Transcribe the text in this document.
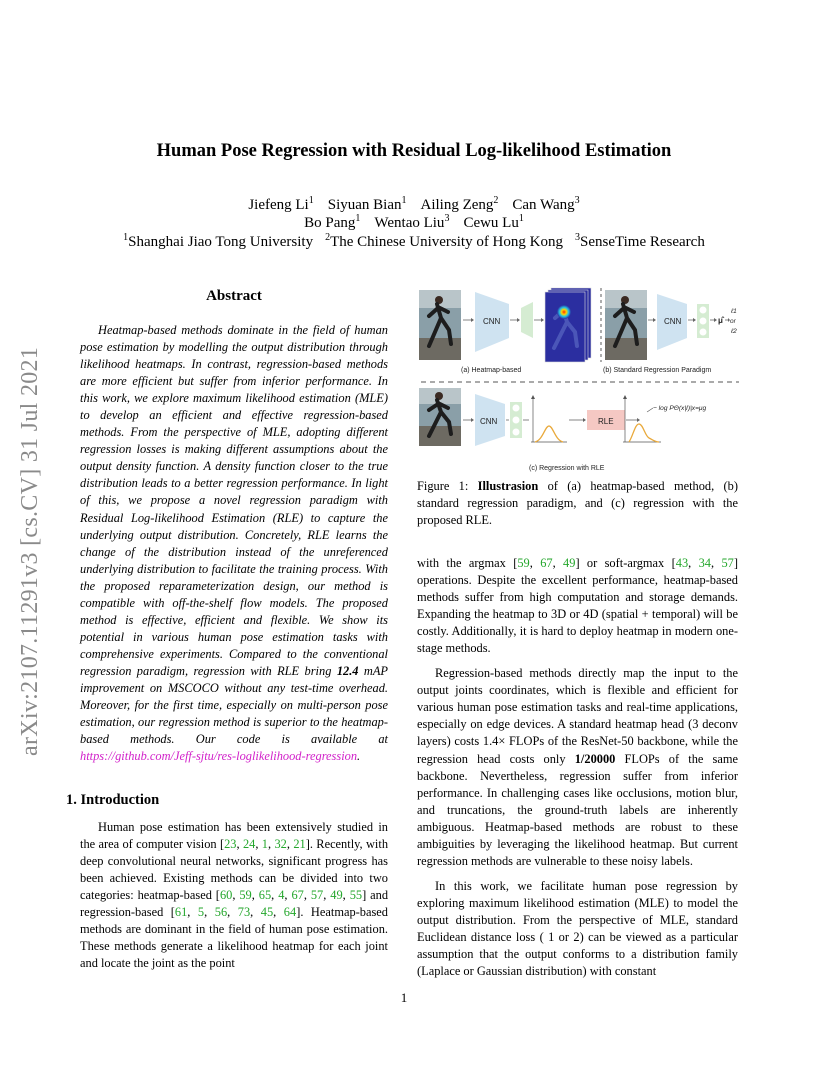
Human Pose Regression with Residual Log-likelihood Estimation
Jiefeng Li$^1$ Siyuan Bian$^1$ Ailing Zeng$^2$ Can Wang$^3$
Bo Pang$^1$ Wentao Liu$^3$ Cewu Lu$^1$
$^1$Shanghai Jiao Tong University $^2$The Chinese University of Hong Kong $^3$SenseTime Research
arXiv:2107.11291v3 [cs.CV] 31 Jul 2021
Abstract

Heatmap-based methods dominate in the field of human pose estimation by modelling the output distribution through likelihood heatmaps. In contrast, regression-based methods are more efficient but suffer from inferior performance. In this work, we explore maximum likelihood estimation (MLE) to develop an efficient and effective regression-based methods. From the perspective of MLE, adopting different regression losses is making different assumptions about the output density function. A density function closer to the true distribution leads to a better regression performance. In light of this, we propose a novel regression paradigm with Residual Log-likelihood Estimation (RLE) to capture the underlying output distribution. Concretely, RLE learns the change of the distribution instead of the unreferenced underlying distribution to facilitate the training process. With the proposed reparameterization design, our method is compatible with off-the-shelf flow models. The proposed method is effective, efficient and flexible. We show its potential in various human pose estimation tasks with comprehensive experiments. Compared to the conventional regression paradigm, regression with RLE bring 12.4 mAP improvement on MSCOCO without any test-time overhead. Moreover, for the first time, especially on multi-person pose estimation, our regression method is superior to the heatmap-based methods. Our code is available at https://github.com/Jeff-sjtu/res-loglikelihood-regression.

1. Introduction

Human pose estimation has been extensively studied in the area of computer vision [23, 24, 1, 32, 21]. Recently, with deep convolutional neural networks, significant progress has been achieved. Existing methods can be divided into two categories: heatmap-based [60, 59, 65, 4, 67, 57, 49, 55] and regression-based [61, 5, 56, 73, 45, 64]. Heatmap-based methods are dominant in the field of human pose estimation. These methods generate a likelihood heatmap for each joint and locate the joint as the point

CNN
(a) Heatmap-based
CNN	μ̂
ℓ1
or
ℓ2
(b) Standard Regression Paradigm
CNN	RLE
− log PΘ(x|I)|x=μg
(c) Regression with RLE
Figure 1: Illustrasion of (a) heatmap-based method, (b) standard regression paradigm, and (c) regression with the proposed RLE.

with the argmax [59, 67, 49] or soft-argmax [43, 34, 57] operations. Despite the excellent performance, heatmap-based methods suffer from high computation and storage demands. Expanding the heatmap to 3D or 4D (spatial + temporal) will be costly. Additionally, it is hard to deploy heatmap in modern one-stage methods.

Regression-based methods directly map the input to the output joints coordinates, which is flexible and efficient for various human pose estimation tasks and real-time applications, especially on edge devices. A standard heatmap head (3 deconv layers) costs 1.4× FLOPs of the ResNet-50 backbone, while the regression head costs only 1/20000 FLOPs of the same backbone. Nevertheless, regression suffer from inferior performance. In challenging cases like occlusions, motion blur, and truncations, the ground-truth labels are inherently ambiguous. Heatmap-based methods are robust to these ambiguities by leveraging the likelihood heatmap. But current regression methods are vulnerable to these noisy labels.

In this work, we facilitate human pose regression by exploring maximum likelihood estimation (MLE) to model the output distribution. From the perspective of MLE, standard Euclidean distance loss ( 1 or 2) can be viewed as a particular assumption that the output conforms to a distribution family (Laplace or Gaussian distribution) with constant

1
